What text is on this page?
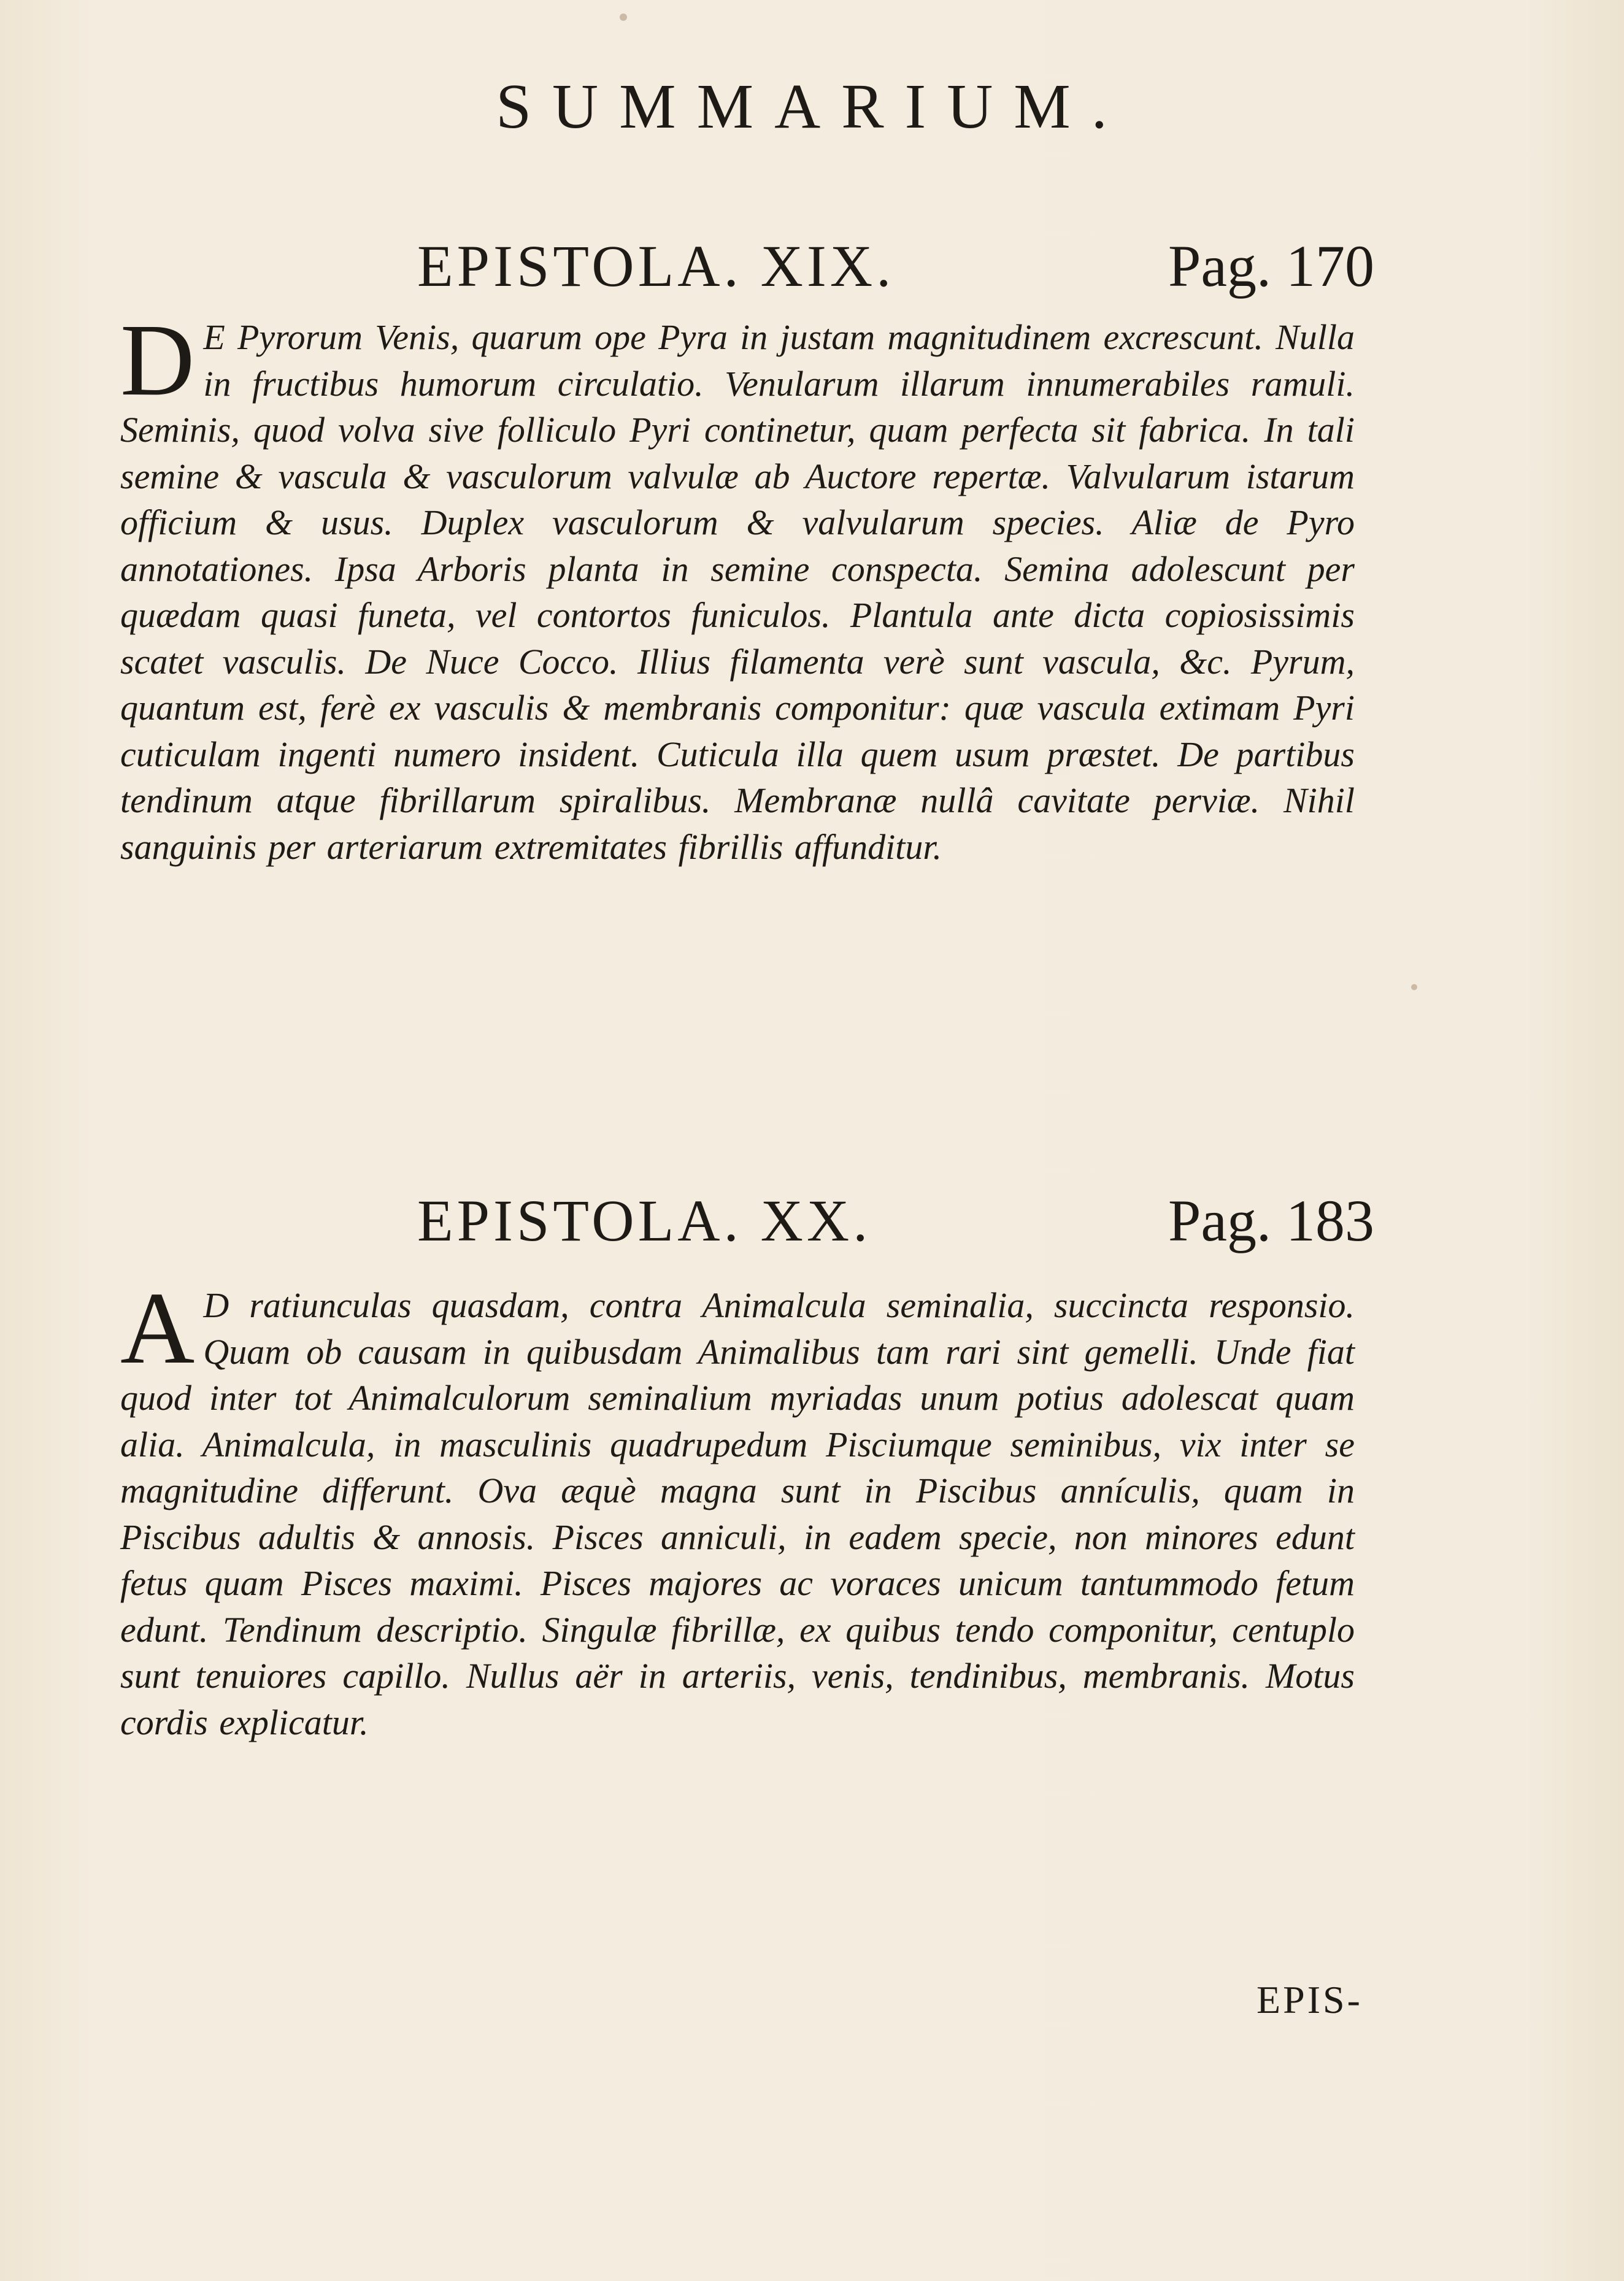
SUMMARIUM.
EPISTOLA. XIX.	Pag. 170
D E Pyrorum Venis, quarum ope Pyra in justam magnitudinem excrescunt. Nulla in fructibus humorum circulatio. Venularum illarum innumerabiles ramuli. Seminis, quod volva sive folliculo Pyri continetur, quam perfecta sit fabrica. In tali semine & vascula & vasculorum valvulæ ab Auctore repertæ. Valvularum istarum officium & usus. Duplex vasculorum & valvularum species. Aliæ de Pyro annotationes. Ipsa Arboris planta in semine conspecta. Semina adolescunt per quædam quasi funeta, vel contortos funiculos. Plantula ante dicta copiosissimis scatet vasculis. De Nuce Cocco. Illius filamenta verè sunt vascula, &c. Pyrum, quantum est, ferè ex vasculis & membranis componitur: quæ vascula extimam Pyri cuticulam ingenti numero insident. Cuticula illa quem usum præstet. De partibus tendinum atque fibrillarum spiralibus. Membranæ nullâ cavitate perviæ. Nihil sanguinis per arteriarum extremitates fibrillis affunditur.
EPISTOLA. XX.	Pag. 183
A D ratiunculas quasdam, contra Animalcula seminalia, succincta responsio. Quam ob causam in quibusdam Animalibus tam rari sint gemelli. Unde fiat quod inter tot Animalculorum seminalium myriadas unum potius adolescat quam alia. Animalcula, in masculinis quadrupedum Pisciumque seminibus, vix inter se magnitudine differunt. Ova æquè magna sunt in Piscibus annículis, quam in Piscibus adultis & annosis. Pisces anniculi, in eadem specie, non minores edunt fetus quam Pisces maximi. Pisces majores ac voraces unicum tantummodo fetum edunt. Tendinum descriptio. Singulæ fibrillæ, ex quibus tendo componitur, centuplo sunt tenuiores capillo. Nullus aër in arteriis, venis, tendinibus, membranis. Motus cordis explicatur.
EPIS-
